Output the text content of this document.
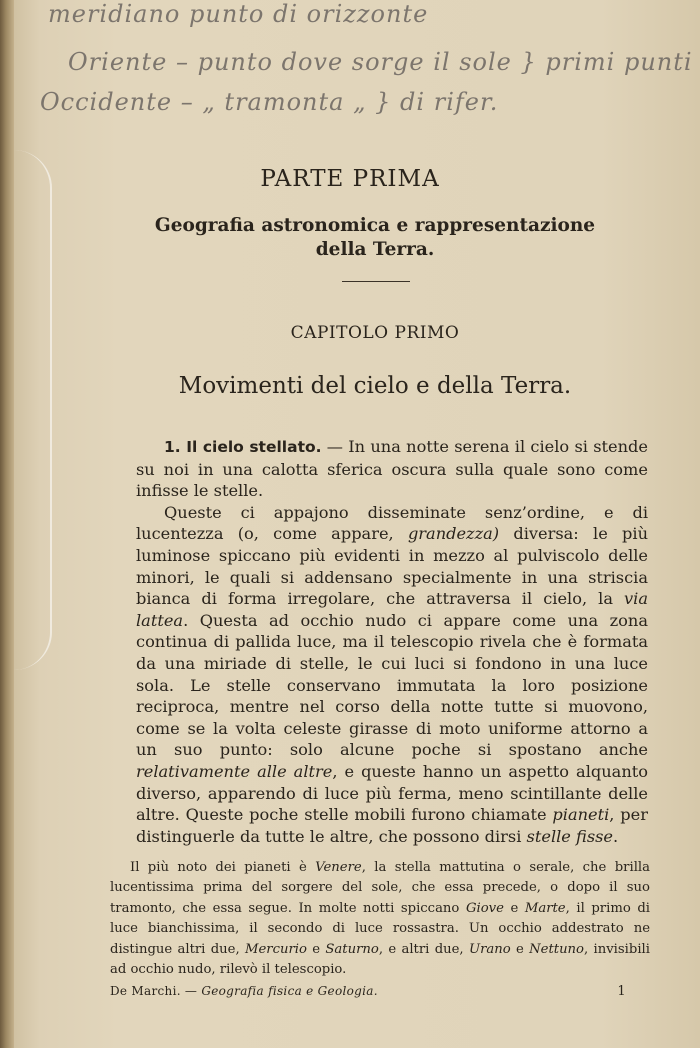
meridiano punto di orizzonte
Oriente – punto dove sorge il sole } primi punti
Occidente – „ tramonta „ } di rifer.
PARTE PRIMA
Geografia astronomica e rappresentazione
della Terra.
CAPITOLO PRIMO
Movimenti del cielo e della Terra.

1. Il cielo stellato. — In una notte serena il cielo si stende su noi in una calotta sferica oscura sulla quale sono come infisse le stelle.

Queste ci appajono disseminate senz’ordine, e di lucentezza (o, come appare, grandezza) diversa: le più luminose spiccano più evidenti in mezzo al pulviscolo delle minori, le quali si addensano specialmente in una striscia bianca di forma irregolare, che attraversa il cielo, la via lattea. Questa ad occhio nudo ci appare come una zona continua di pallida luce, ma il telescopio rivela che è formata da una miriade di stelle, le cui luci si fondono in una luce sola. Le stelle conservano immutata la loro posizione reciproca, mentre nel corso della notte tutte si muovono, come se la volta celeste girasse di moto uniforme attorno a un suo punto: solo alcune poche si spostano anche relativamente alle altre, e queste hanno un aspetto alquanto diverso, apparendo di luce più ferma, meno scintillante delle altre. Queste poche stelle mobili furono chiamate pianeti, per distinguerle da tutte le altre, che possono dirsi stelle fisse.

Il più noto dei pianeti è Venere, la stella mattutina o serale, che brilla lucentissima prima del sorgere del sole, che essa precede, o dopo il suo tramonto, che essa segue. In molte notti spiccano Giove e Marte, il primo di luce bianchissima, il secondo di luce rossastra. Un occhio addestrato ne distingue altri due, Mercurio e Saturno, e altri due, Urano e Nettuno, invisibili ad occhio nudo, rilevò il telescopio.

De Marchi. — Geografia fisica e Geologia.	1
